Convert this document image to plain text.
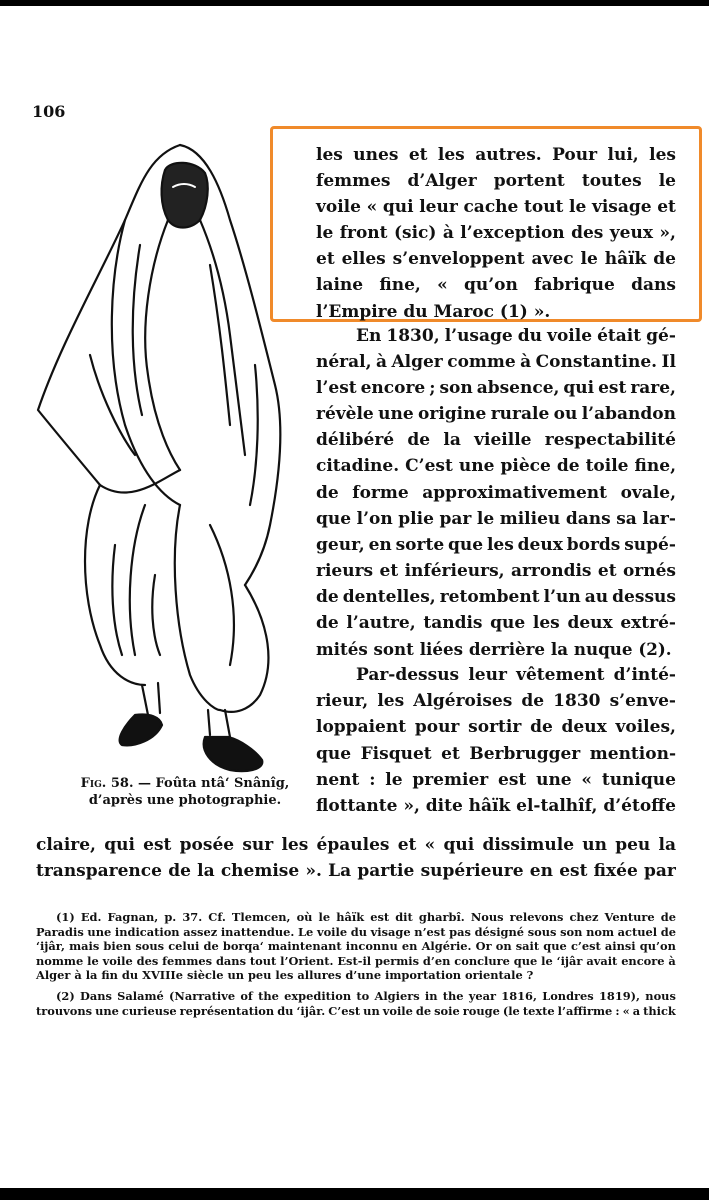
106
Fig. 58. — Foûta ntâ‘ Snânîg,
d’après une photographie.
les unes et les autres. Pour lui, les
femmes d’Alger portent toutes le
voile « qui leur cache tout le visage et
le front (sic) à l’exception des yeux »,
et elles s’enveloppent avec le hâïk de
laine fine, « qu’on fabrique dans
l’Empire du Maroc (1) ».
En 1830, l’usage du voile était gé-
néral, à Alger comme à Constantine. Il
l’est encore ; son absence, qui est rare,
révèle une origine rurale ou l’abandon
délibéré de la vieille respectabilité
citadine. C’est une pièce de toile fine,
de forme approximativement ovale,
que l’on plie par le milieu dans sa lar-
geur, en sorte que les deux bords supé-
rieurs et inférieurs, arrondis et ornés
de dentelles, retombent l’un au dessus
de l’autre, tandis que les deux extré-
mités sont liées derrière la nuque (2).
Par-dessus leur vêtement d’inté-
rieur, les Algéroises de 1830 s’enve-
loppaient pour sortir de deux voiles,
que Fisquet et Berbrugger mention-
nent : le premier est une « tunique
flottante », dite hâïk el-talhîf, d’étoffe
claire, qui est posée sur les épaules et « qui dissimule un peu la
transparence de la chemise ». La partie supérieure en est fixée par
(1) Ed. Fagnan, p. 37. Cf. Tlemcen, où le hâïk est dit gharbî. Nous relevons chez Venture de
Paradis une indication assez inattendue. Le voile du visage n’est pas désigné sous son nom actuel de
‘ijâr, mais bien sous celui de borqa‘ maintenant inconnu en Algérie. Or on sait que c’est ainsi qu’on
nomme le voile des femmes dans tout l’Orient. Est-il permis d’en conclure que le ‘ijâr avait encore à
Alger à la fin du XVIIIe siècle un peu les allures d’une importation orientale ?
(2) Dans Salamé (Narrative of the expedition to Algiers in the year 1816, Londres 1819), nous
trouvons une curieuse représentation du ‘ijâr. C’est un voile de soie rouge (le texte l’affirme : « a thick
